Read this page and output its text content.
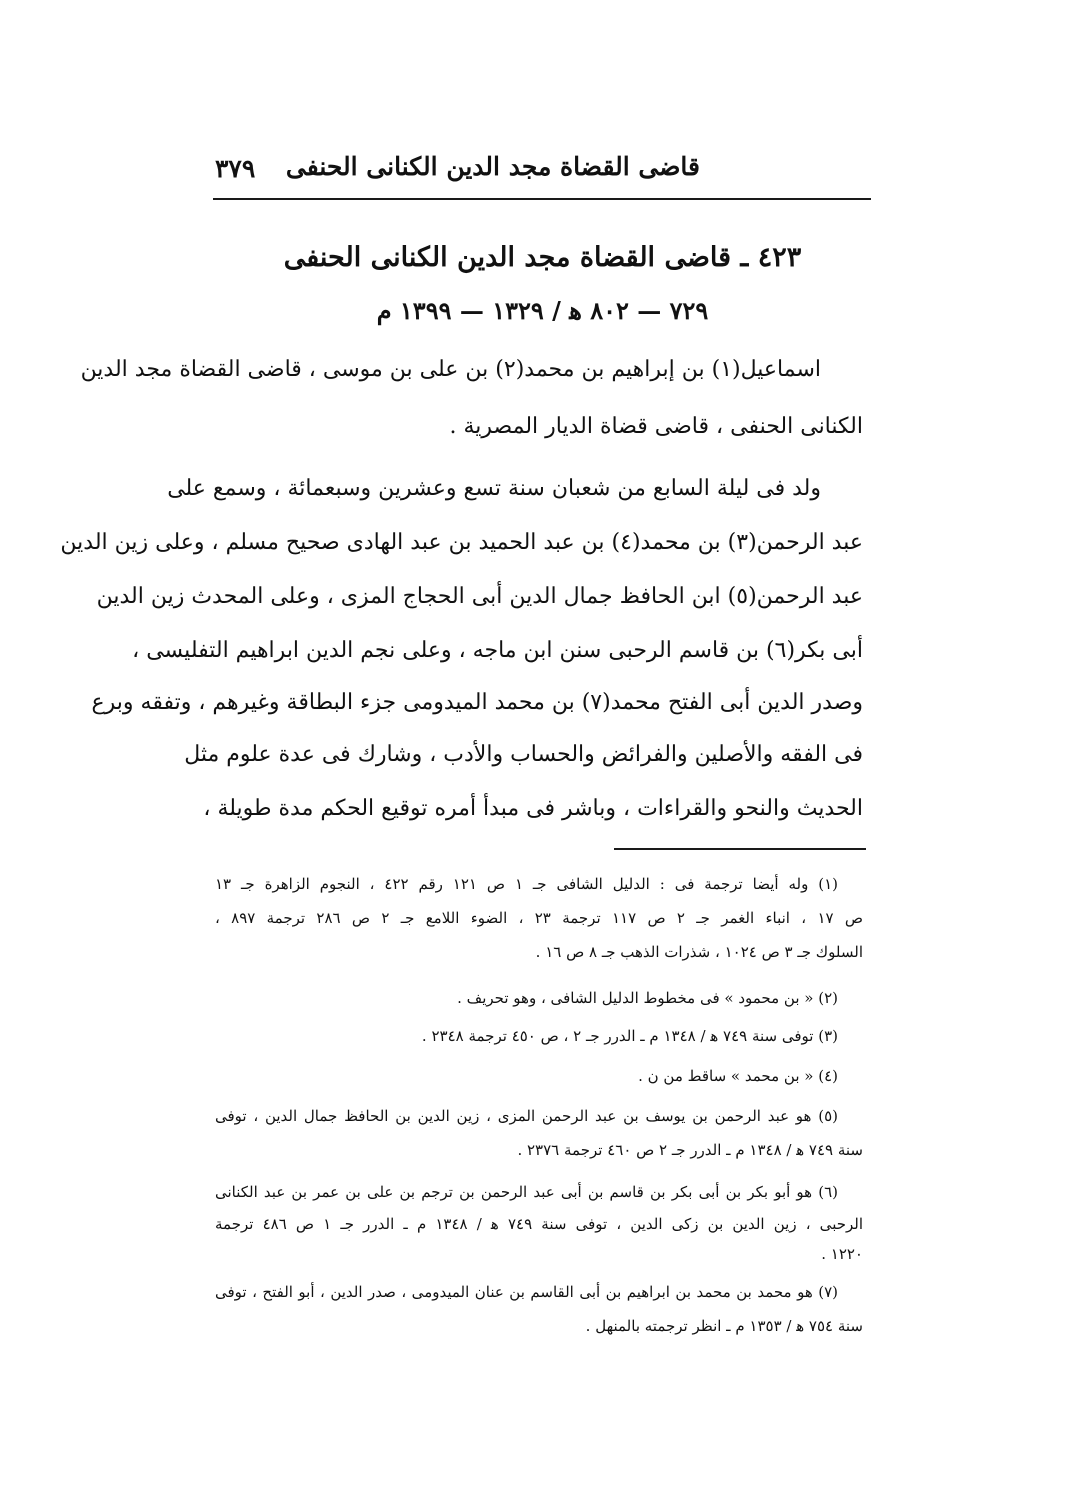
٣٧٩ قاضى القضاة مجد الدين الكنانى الحنفى
٤٢٣ ـ قاضى القضاة مجد الدين الكنانى الحنفى
٧٢٩ — ٨٠٢ ﻫ / ١٣٢٩ — ١٣٩٩ م
اسماعيل(١) بن إبراهيم بن محمد(٢) بن على بن موسى ، قاضى القضاة مجد الدين
الكنانى الحنفى ، قاضى قضاة الديار المصرية .
ولد فى ليلة السابع من شعبان سنة تسع وعشرين وسبعمائة ، وسمع على
عبد الرحمن(٣) بن محمد(٤) بن عبد الحميد بن عبد الهادى صحيح مسلم ، وعلى زين الدين
عبد الرحمن(٥) ابن الحافظ جمال الدين أبى الحجاج المزى ، وعلى المحدث زين الدين
أبى بكر(٦) بن قاسم الرحبى سنن ابن ماجه ، وعلى نجم الدين ابراهيم التفليسى ،
وصدر الدين أبى الفتح محمد(٧) بن محمد الميدومى جزء البطاقة وغيرهم ، وتفقه وبرع
فى الفقه والأصلين والفرائض والحساب والأدب ، وشارك فى عدة علوم مثل
الحديث والنحو والقراءات ، وباشر فى مبدأ أمره توقيع الحكم مدة طويلة ،
(١) وله أيضا ترجمة فى : الدليل الشافى جـ ١ ص ١٢١ رقم ٤٢٢ ، النجوم الزاهرة جـ ١٣
ص ١٧ ، انباء الغمر جـ ٢ ص ١١٧ ترجمة ٢٣ ، الضوء اللامع جـ ٢ ص ٢٨٦ ترجمة ٨٩٧ ،
السلوك جـ ٣ ص ١٠٢٤ ، شذرات الذهب جـ ٨ ص ١٦ .
(٢) « بن محمود » فى مخطوط الدليل الشافى ، وهو تحريف .
(٣) توفى سنة ٧٤٩ ﻫ / ١٣٤٨ م ـ الدرر جـ ٢ ، ص ٤٥٠ ترجمة ٢٣٤٨ .
(٤) « بن محمد » ساقط من ن .
(٥) هو عبد الرحمن بن يوسف بن عبد الرحمن المزى ، زين الدين بن الحافظ جمال الدين ، توفى
سنة ٧٤٩ ﻫ / ١٣٤٨ م ـ الدرر جـ ٢ ص ٤٦٠ ترجمة ٢٣٧٦ .
(٦) هو أبو بكر بن أبى بكر بن قاسم بن أبى عبد الرحمن بن ترجم بن على بن عمر بن عبد الكنانى
الرحبى ، زين الدين بن زكى الدين ، توفى سنة ٧٤٩ ﻫ / ١٣٤٨ م ـ الدرر جـ ١ ص ٤٨٦ ترجمة
١٢٢٠ .
(٧) هو محمد بن محمد بن ابراهيم بن أبى القاسم بن عنان الميدومى ، صدر الدين ، أبو الفتح ، توفى
سنة ٧٥٤ ﻫ / ١٣٥٣ م ـ انظر ترجمته بالمنهل .
